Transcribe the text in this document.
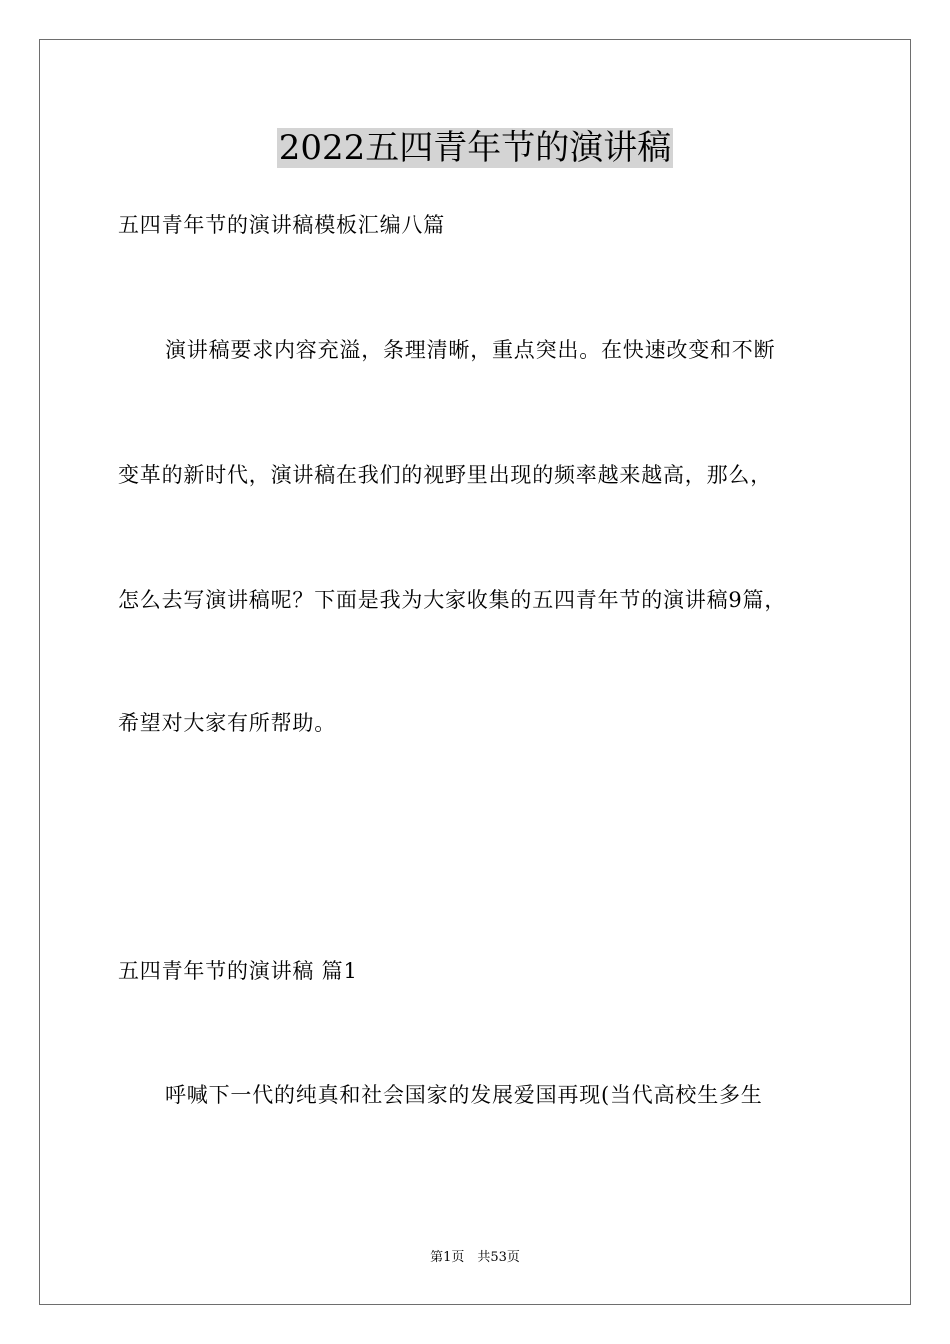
2022五四青年节的演讲稿

五四青年节的演讲稿模板汇编八篇

演讲稿要求内容充溢，条理清晰，重点突出。在快速改变和不断

变革的新时代，演讲稿在我们的视野里出现的频率越来越高，那么，

怎么去写演讲稿呢？下面是我为大家收集的五四青年节的演讲稿9篇，

希望对大家有所帮助。

五四青年节的演讲稿 篇1

呼喊下一代的纯真和社会国家的发展爱国再现(当代高校生多生

第1页　共53页
